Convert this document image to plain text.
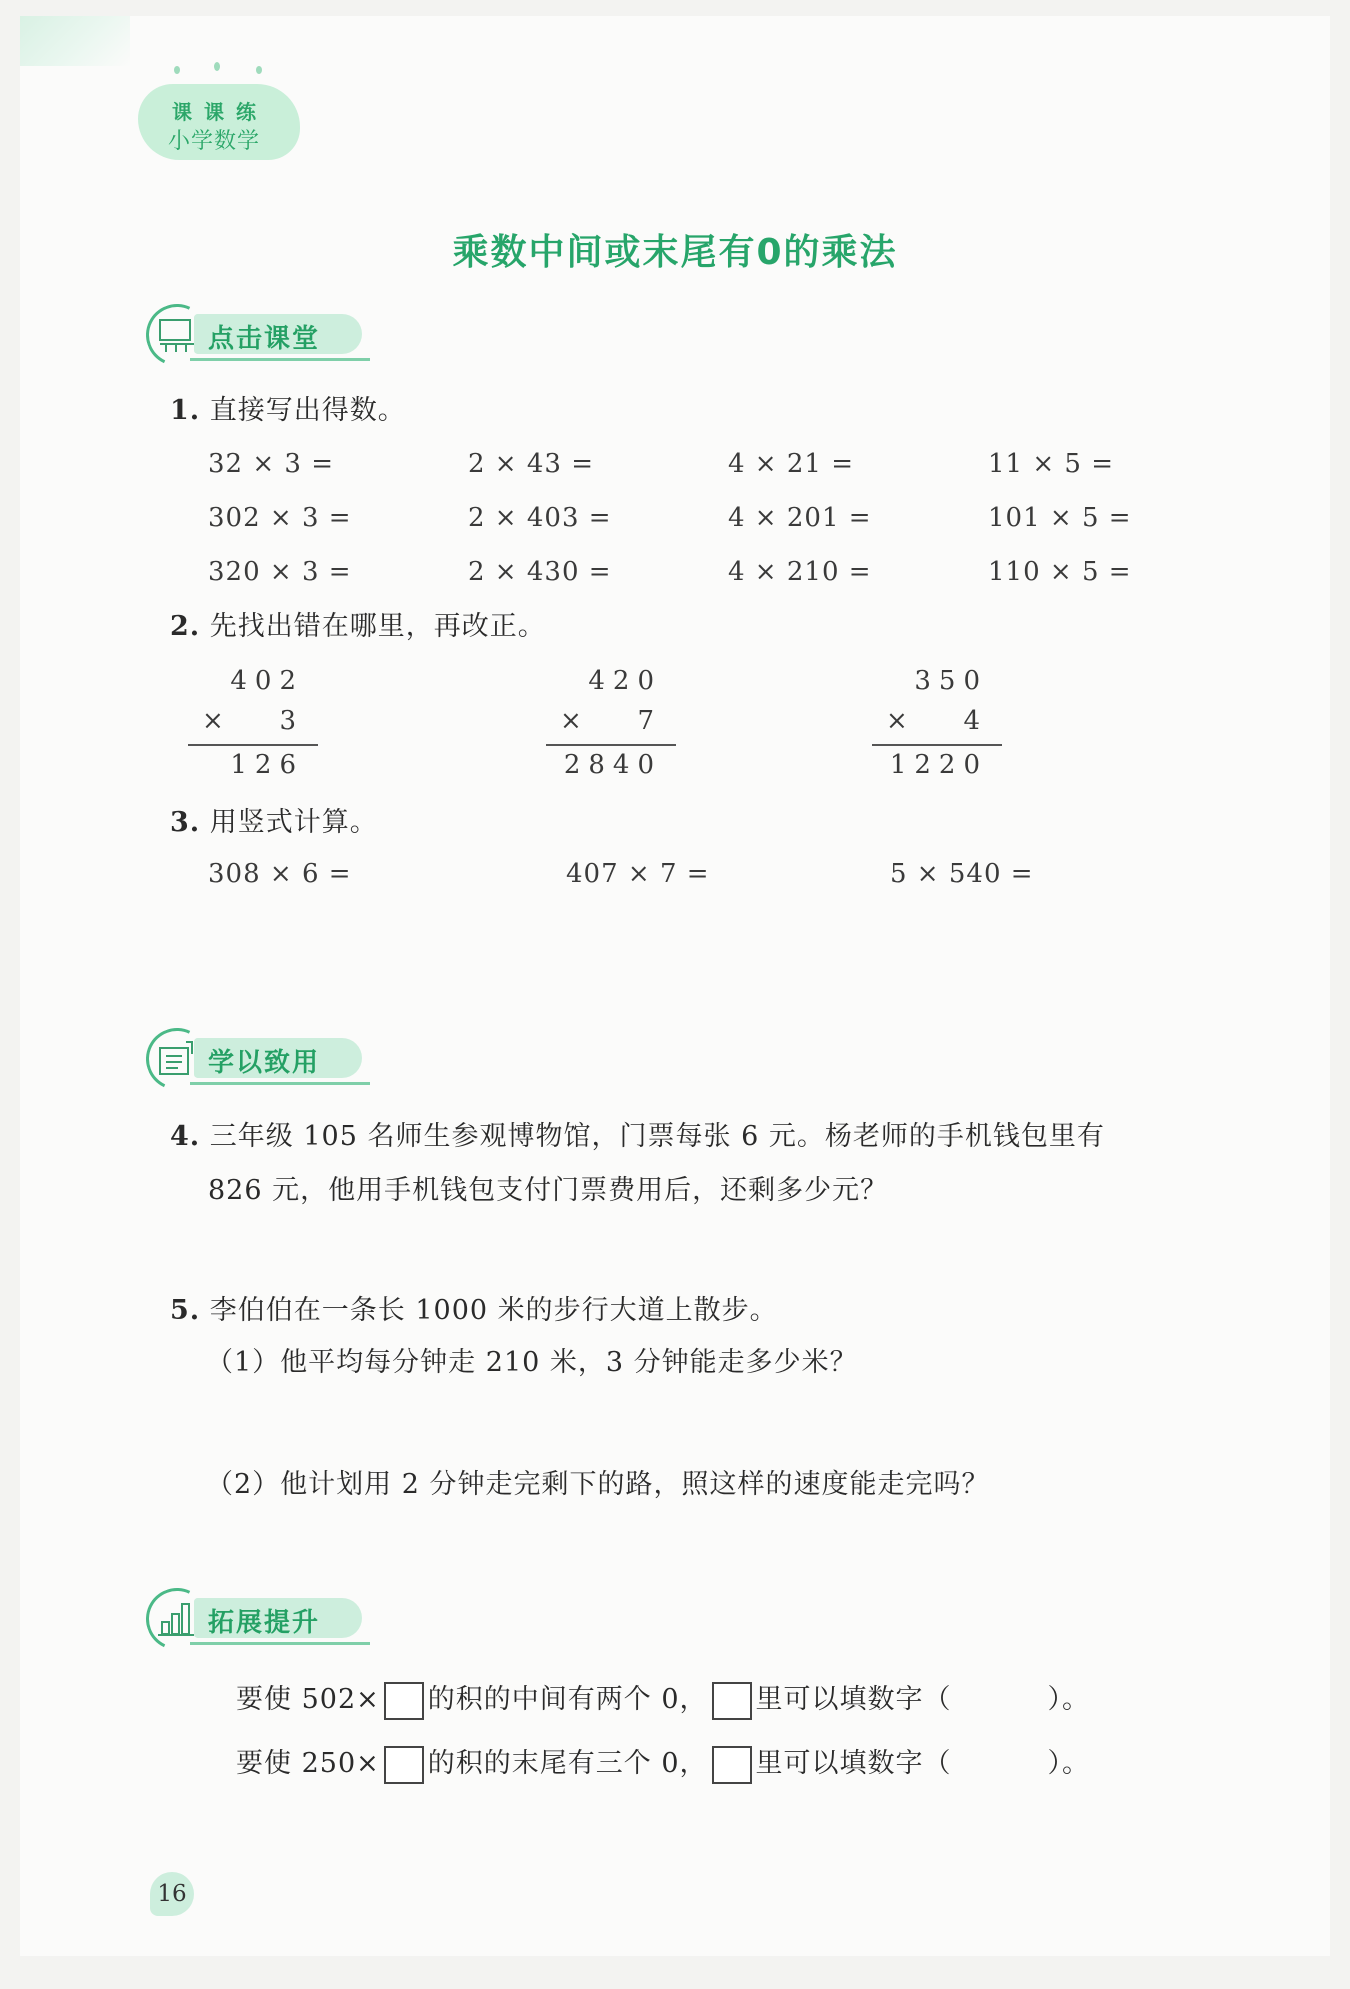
课课练
小学数学
乘数中间或末尾有0的乘法
点击课堂
1. 直接写出得数。
32 × 3 =	2 × 43 =	4 × 21 =	11 × 5 =
302 × 3 =	2 × 403 =	4 × 201 =	101 × 5 =
320 × 3 =	2 × 430 =	4 × 210 =	110 × 5 =
2. 先找出错在哪里，再改正。
402
× 3
126
420
× 7
2840
350
× 4
1220
3. 用竖式计算。
308 × 6 =	407 × 7 =	5 × 540 =
学以致用
4. 三年级 105 名师生参观博物馆，门票每张 6 元。杨老师的手机钱包里有
826 元，他用手机钱包支付门票费用后，还剩多少元？
5. 李伯伯在一条长 1000 米的步行大道上散步。
（1）他平均每分钟走 210 米，3 分钟能走多少米？
（2）他计划用 2 分钟走完剩下的路，照这样的速度能走完吗？
拓展提升
要使 502× 的积的中间有两个 0， 里可以填数字（	）。
要使 250× 的积的末尾有三个 0， 里可以填数字（	）。
16
